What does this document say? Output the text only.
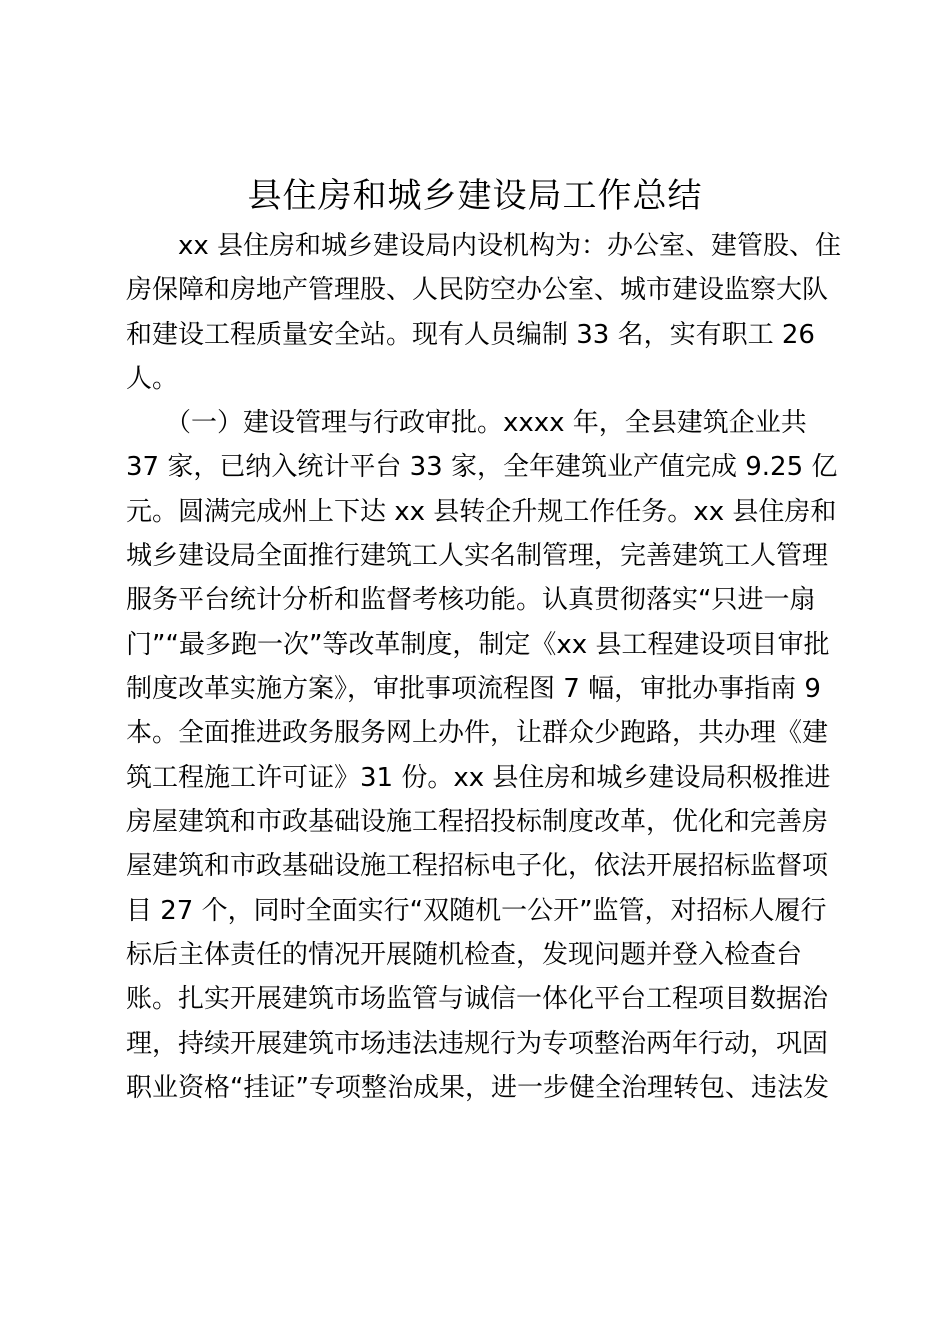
县住房和城乡建设局工作总结
　　xx 县住房和城乡建设局内设机构为：办公室、建管股、住
房保障和房地产管理股、人民防空办公室、城市建设监察大队
和建设工程质量安全站。现有人员编制 33 名，实有职工 26
人。
　　（一）建设管理与行政审批。xxxx 年，全县建筑企业共
37 家，已纳入统计平台 33 家，全年建筑业产值完成 9.25 亿
元。圆满完成州上下达 xx 县转企升规工作任务。xx 县住房和
城乡建设局全面推行建筑工人实名制管理，完善建筑工人管理
服务平台统计分析和监督考核功能。认真贯彻落实“只进一扇
门”“最多跑一次”等改革制度，制定《xx 县工程建设项目审批
制度改革实施方案》，审批事项流程图 7 幅，审批办事指南 9
本。全面推进政务服务网上办件，让群众少跑路，共办理《建
筑工程施工许可证》31 份。xx 县住房和城乡建设局积极推进
房屋建筑和市政基础设施工程招投标制度改革，优化和完善房
屋建筑和市政基础设施工程招标电子化，依法开展招标监督项
目 27 个，同时全面实行“双随机一公开”监管，对招标人履行
标后主体责任的情况开展随机检查，发现问题并登入检查台
账。扎实开展建筑市场监管与诚信一体化平台工程项目数据治
理，持续开展建筑市场违法违规行为专项整治两年行动，巩固
职业资格“挂证”专项整治成果，进一步健全治理转包、违法发
